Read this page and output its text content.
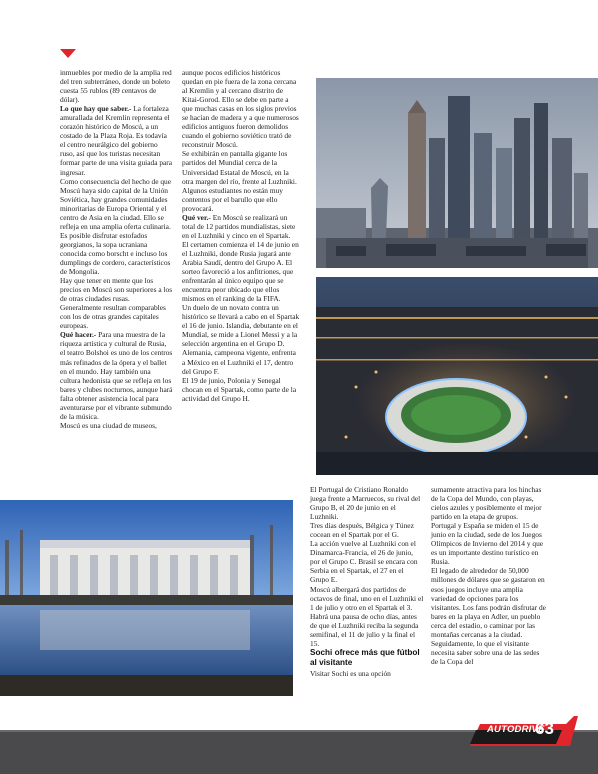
inmuebles por medio de la amplia red del tren subterráneo, donde un boleto cuesta 55 rublos (89 centavos de dólar).

Lo que hay que saber.- La fortaleza amurallada del Kremlin representa el corazón histórico de Moscú, a un costado de la Plaza Roja. Es todavía el centro neurálgico del gobierno ruso, así que los turistas necesitan formar parte de una visita guiada para ingresar.

Como consecuencia del hecho de que Moscú haya sido capital de la Unión Soviética, hay grandes comunidades minoritarias de Europa Oriental y el centro de Asia en la ciudad. Ello se refleja en una amplia oferta culinaria.

Es posible disfrutar estofados georgianos, la sopa ucraniana conocida como borscht e incluso los dumplings de cordero, característicos de Mongolia.

Hay que tener en mente que los precios en Moscú son superiores a los de otras ciudades rusas. Generalmente resultan comparables con los de otras grandes capitales europeas.

Qué hacer.- Para una muestra de la riqueza artística y cultural de Rusia, el teatro Bolshoi es uno de los centros más refinados de la ópera y el ballet en el mundo. Hay también una cultura hedonista que se refleja en los bares y clubes nocturnos, aunque hará falta obtener asistencia local para aventurarse por el vibrante submundo de la música.

Moscú es una ciudad de museos,

aunque pocos edificios históricos quedan en pie fuera de la zona cercana al Kremlin y al cercano distrito de Kitai-Gorod. Ello se debe en parte a que muchas casas en los siglos previos se hacían de madera y a que numerosos edificios antiguos fueron demolidos cuando el gobierno soviético trató de reconstruir Moscú.

Se exhibirán en pantalla gigante los partidos del Mundial cerca de la Universidad Estatal de Moscú, en la otra margen del río, frente al Luzhniki. Algunos estudiantes no están muy contentos por el barullo que ello provocará.

Qué ver.- En Moscú se realizará un total de 12 partidos mundialistas, siete en el Luzhniki y cinco en el Spartak.

El certamen comienza el 14 de junio en el Luzhniki, donde Rusia jugará ante Arabia Saudí, dentro del Grupo A. El sorteo favoreció a los anfitriones, que enfrentarán al único equipo que se encuentra peor ubicado que ellos mismos en el ranking de la FIFA.

Un duelo de un novato contra un histórico se llevará a cabo en el Spartak el 16 de junio. Islandia, debutante en el Mundial, se mide a Lionel Messi y a la selección argentina en el Grupo D. Alemania, campeona vigente, enfrenta a México en el Luzhniki el 17, dentro del Grupo F.

El 19 de junio, Polonia y Senegal chocan en el Spartak, como parte de la actividad del Grupo H.

El Portugal de Cristiano Ronaldo juega frente a Marruecos, su rival del Grupo B, el 20 de junio en el Luzhniki.

Tres días después, Bélgica y Túnez cocean en el Spartak por el G.

La acción vuelve al Luzhniki con el Dinamarca-Francia, el 26 de junio, por el Grupo C. Brasil se encara con Serbia en el Spartak, el 27 en el Grupo E.

Moscú albergará dos partidos de octavos de final, uno en el Luzhniki el 1 de julio y otro en el Spartak el 3. Habrá una pausa de ocho días, antes de que el Luzhniki reciba la segunda semifinal, el 11 de julio y la final el 15.

Sochi ofrece más que fútbol al visitante

Visitar Sochi es una opción

sumamente atractiva para los hinchas de la Copa del Mundo, con playas, cielos azules y posiblemente el mejor partido en la etapa de grupos.

Portugal y España se miden el 15 de junio en la ciudad, sede de los Juegos Olímpicos de Invierno del 2014 y que es un importante destino turístico en Rusia.

El legado de alrededor de 50,000 millones de dólares que se gastaron en esos juegos incluye una amplia variedad de opciones para los visitantes. Los fans podrán disfrutar de bares en la playa en Adler, un pueblo cerca del estadio, o caminar por las montañas cercanas a la ciudad.

Seguidamente, lo que el visitante necesita saber sobre una de las sedes de la Copa del

AUTODRIVE
63
